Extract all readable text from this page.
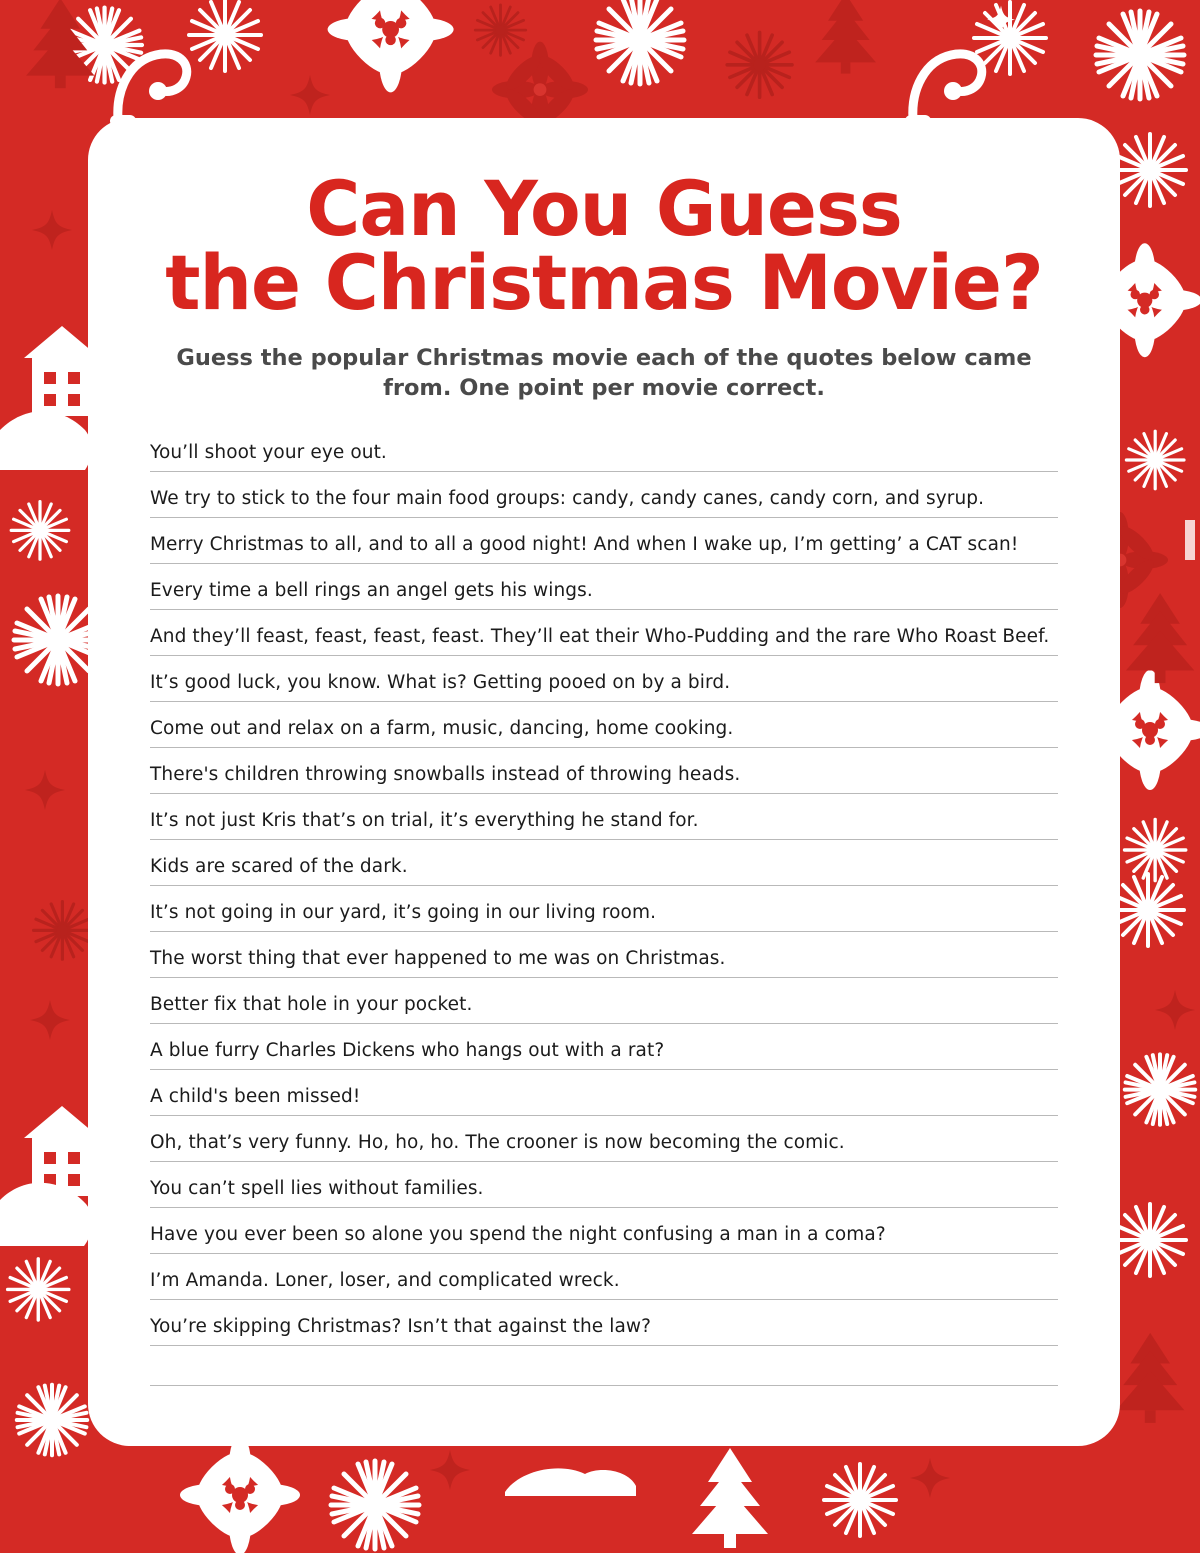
Can You Guess
the Christmas Movie?

Guess the popular Christmas movie each of the quotes below came from. One point per movie correct.

You’ll shoot your eye out.
We try to stick to the four main food groups: candy, candy canes, candy corn, and syrup.
Merry Christmas to all, and to all a good night! And when I wake up, I’m getting’ a CAT scan!
Every time a bell rings an angel gets his wings.
And they’ll feast, feast, feast, feast. They’ll eat their Who-Pudding and the rare Who Roast Beef.
It’s good luck, you know. What is? Getting pooed on by a bird.
Come out and relax on a farm, music, dancing, home cooking.
There's children throwing snowballs instead of throwing heads.
It’s not just Kris that’s on trial, it’s everything he stand for.
Kids are scared of the dark.
It’s not going in our yard, it’s going in our living room.
The worst thing that ever happened to me was on Christmas.
Better fix that hole in your pocket.
A blue furry Charles Dickens who hangs out with a rat?
A child's been missed!
Oh, that’s very funny. Ho, ho, ho. The crooner is now becoming the comic.
You can’t spell lies without families.
Have you ever been so alone you spend the night confusing a man in a coma?
I’m Amanda. Loner, loser, and complicated wreck.
You’re skipping Christmas? Isn’t that against the law?
